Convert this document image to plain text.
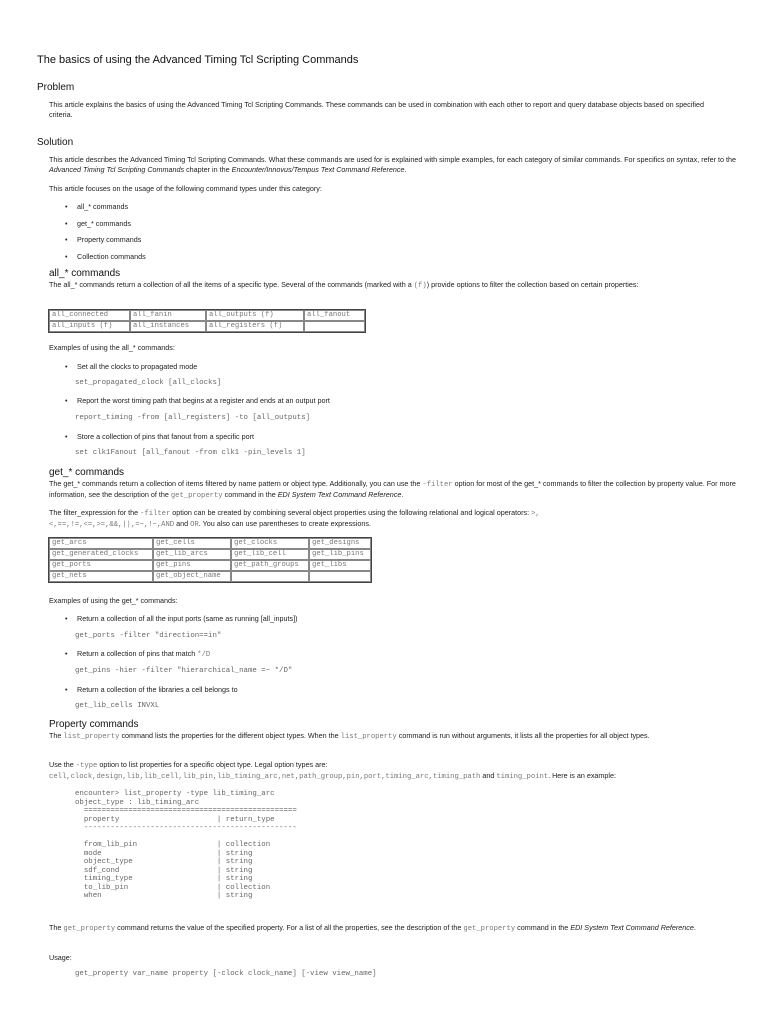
The basics of using the Advanced Timing Tcl Scripting Commands
Problem
This article explains the basics of using the Advanced Timing Tcl Scripting Commands. These commands can be used in combination with each other to report and query database objects based on specified criteria.
Solution
This article describes the Advanced Timing Tcl Scripting Commands. What these commands are used for is explained with simple examples, for each category of similar commands. For specifics on syntax, refer to the Advanced Timing Tcl Scripting Commands chapter in the Encounter/Innovus/Tempus Text Command Reference.
This article focuses on the usage of the following command types under this category:
• all_* commands
• get_* commands
• Property commands
• Collection commands
all_* commands
The all_* commands return a collection of all the items of a specific type. Several of the commands (marked with a (f)) provide options to filter the collection based on certain properties:
all_connected	all_fanin	all_outputs (f)	all_fanout
all_inputs (f)	all_instances	all_registers (f)	
Examples of using the all_* commands:
• Set all the clocks to propagated mode
set_propagated_clock [all_clocks]
• Report the worst timing path that begins at a register and ends at an output port
report_timing -from [all_registers] -to [all_outputs]
• Store a collection of pins that fanout from a specific port
set clk1Fanout [all_fanout -from clk1 -pin_levels 1]
get_* commands
The get_* commands return a collection of items filtered by name pattern or object type. Additionally, you can use the -filter option for most of the get_* commands to filter the collection by property value. For more information, see the description of the get_property command in the EDI System Text Command Reference.
The filter_expression for the -filter option can be created by combining several object properties using the following relational and logical operators: >,<,==,!=,<=,>=,&&,||,=~,!~,AND and OR. You also can use parentheses to create expressions.
get_arcs	get_cells	get_clocks	get_designs
get_generated_clocks	get_lib_arcs	get_lib_cell	get_lib_pins
get_ports	get_pins	get_path_groups	get_libs
get_nets	get_object_name		
Examples of using the get_* commands:
• Return a collection of all the input ports (same as running [all_inputs])
get_ports -filter "direction==in"
• Return a collection of pins that match */D
get_pins -hier -filter "hierarchical_name =~ */D"
• Return a collection of the libraries a cell belongs to
get_lib_cells INVXL
Property commands
The list_property command lists the properties for the different object types. When the list_property command is run without arguments, it lists all the properties for all object types.
Use the -type option to list properties for a specific object type. Legal option types are: cell,clock,design,lib,lib_cell,lib_pin,lib_timing_arc,net,path_group,pin,port,timing_arc,timing_path and timing_point. Here is an example:
encounter> list_property -type lib_timing_arc
object_type : lib_timing_arc
================================================
property                      | return_type
------------------------------------------------

from_lib_pin                  | collection
mode                          | string
object_type                   | string
sdf_cond                      | string
timing_type                   | string
to_lib_pin                    | collection
when                          | string
The get_property command returns the value of the specified property. For a list of all the properties, see the description of the get_property command in the EDI System Text Command Reference.
Usage:
get_property var_name property [-clock clock_name] [-view view_name]
